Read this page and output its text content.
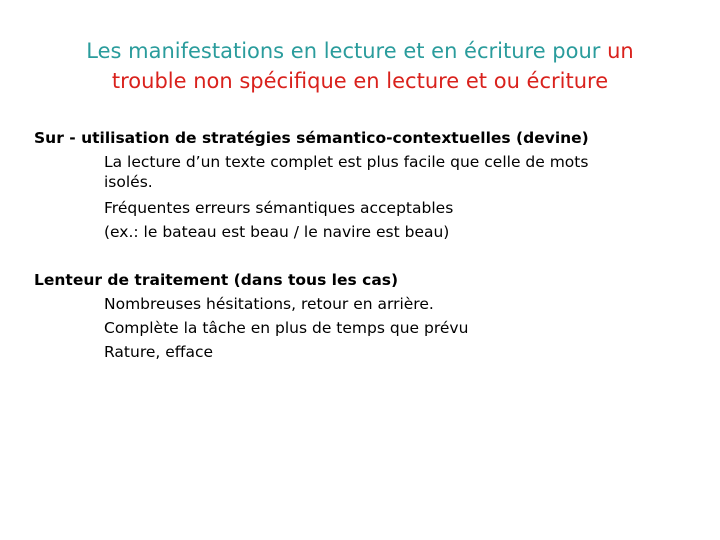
Les manifestations en lecture et en écriture pour un
trouble non spécifique en lecture et ou écriture

Sur - utilisation de stratégies sémantico-contextuelles (devine)

La lecture d’un texte complet est plus facile que celle de mots isolés.

Fréquentes erreurs sémantiques acceptables

(ex.: le bateau est beau / le navire est beau)

Lenteur de traitement (dans tous les cas)

Nombreuses hésitations, retour en arrière.

Complète la tâche en plus de temps que prévu

Rature, efface
